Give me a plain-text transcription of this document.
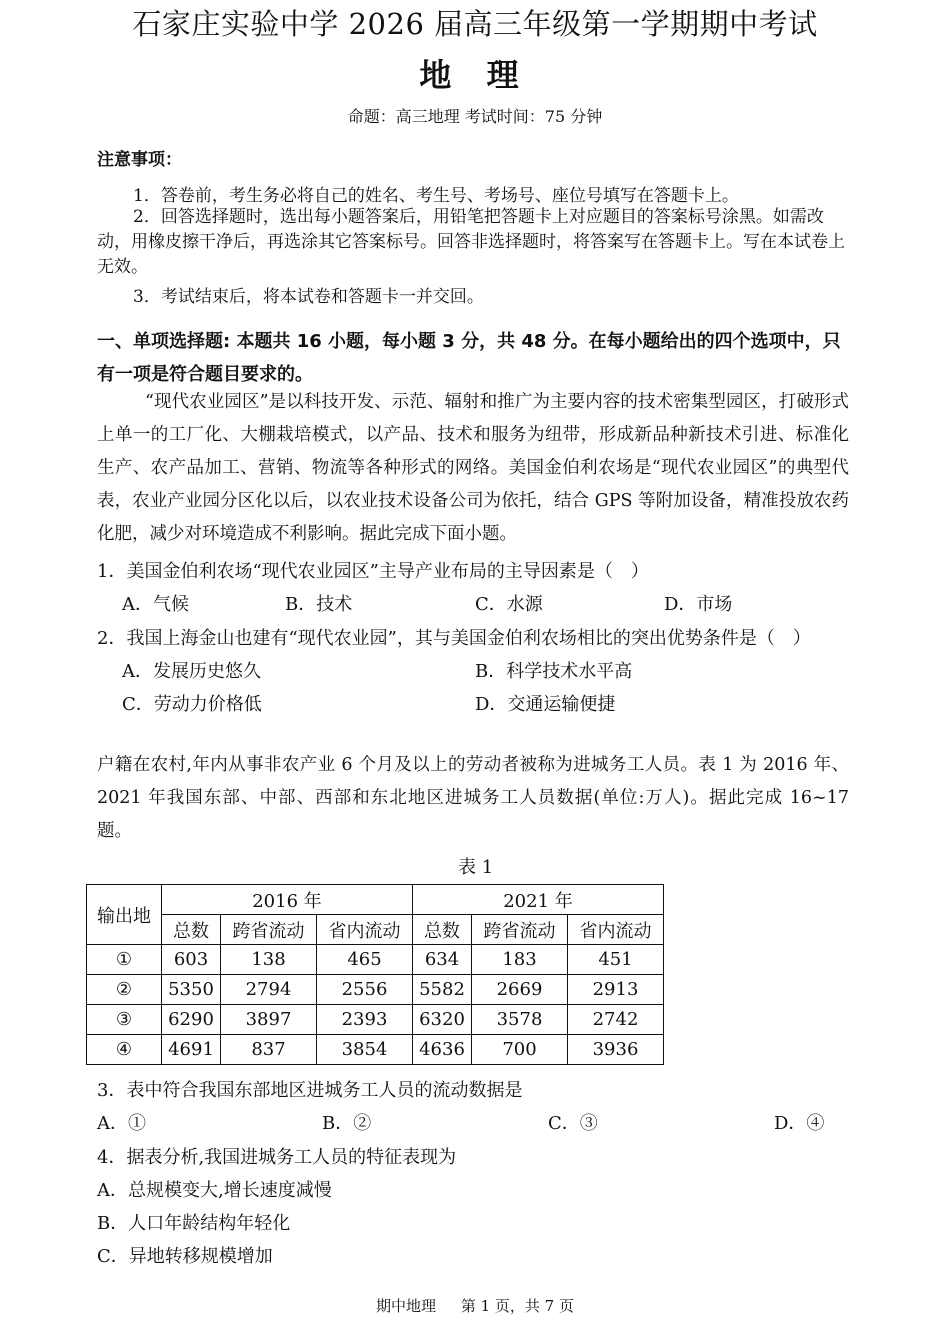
石家庄实验中学 2026 届高三年级第一学期期中考试
地 理
命题：高三地理 考试时间：75 分钟
注意事项：
1．答卷前，考生务必将自己的姓名、考生号、考场号、座位号填写在答题卡上。
2．回答选择题时，选出每小题答案后，用铅笔把答题卡上对应题目的答案标号涂黑。如需改动，用橡皮擦干净后，再选涂其它答案标号。回答非选择题时，将答案写在答题卡上。写在本试卷上无效。
3．考试结束后，将本试卷和答题卡一并交回。
一、单项选择题: 本题共 16 小题，每小题 3 分，共 48 分。在每小题给出的四个选项中，只有一项是符合题目要求的。
“现代农业园区”是以科技开发、示范、辐射和推广为主要内容的技术密集型园区，打破形式上单一的工厂化、大棚栽培模式，以产品、技术和服务为纽带，形成新品种新技术引进、标准化生产、农产品加工、营销、物流等各种形式的网络。美国金伯利农场是“现代农业园区”的典型代表，农业产业园分区化以后，以农业技术设备公司为依托，结合 GPS 等附加设备，精准投放农药化肥，减少对环境造成不利影响。据此完成下面小题。
1．美国金伯利农场“现代农业园区”主导产业布局的主导因素是（　）
A．气候	B．技术	C．水源	D．市场
2．我国上海金山也建有“现代农业园”，其与美国金伯利农场相比的突出优势条件是（　）
A．发展历史悠久	B．科学技术水平高
C．劳动力价格低	D．交通运输便捷
户籍在农村,年内从事非农产业 6 个月及以上的劳动者被称为进城务工人员。表 1 为 2016 年、2021 年我国东部、中部、西部和东北地区进城务工人员数据(单位:万人)。据此完成 16~17 题。
表 1
输出地	2016 年			2021 年		
	总数	跨省流动	省内流动	总数	跨省流动	省内流动
①	603	138	465	634	183	451
②	5350	2794	2556	5582	2669	2913
③	6290	3897	2393	6320	3578	2742
④	4691	837	3854	4636	700	3936
3．表中符合我国东部地区进城务工人员的流动数据是
A．①	B．②	C．③	D．④
4．据表分析,我国进城务工人员的特征表现为
A．总规模变大,增长速度减慢
B．人口年龄结构年轻化
C．异地转移规模增加
期中地理 第 1 页，共 7 页
